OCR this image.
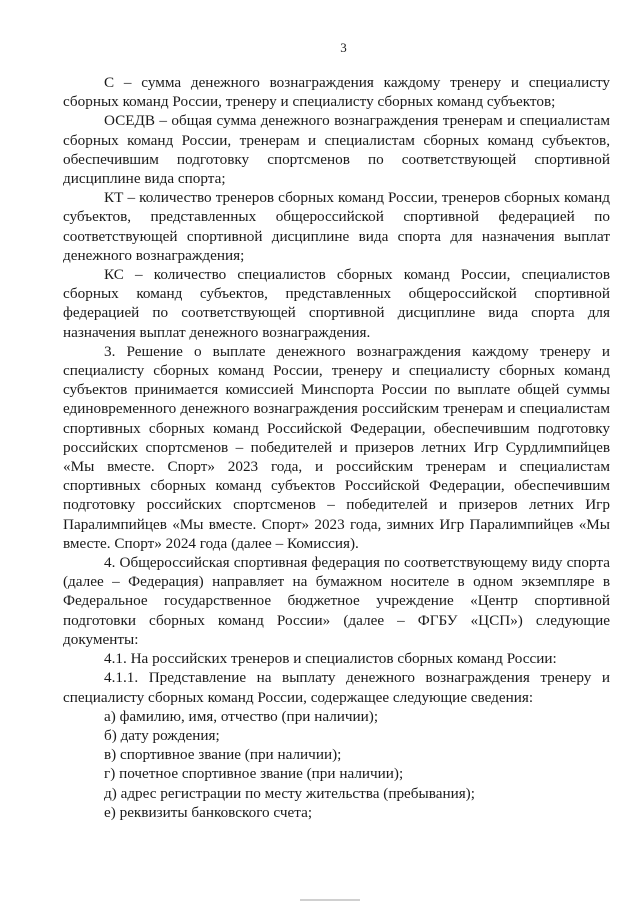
3

С – сумма денежного вознаграждения каждому тренеру и специалисту сборных команд России, тренеру и специалисту сборных команд субъектов;

ОСЕДВ – общая сумма денежного вознаграждения тренерам и специалистам сборных команд России, тренерам и специалистам сборных команд субъектов, обеспечившим подготовку спортсменов по соответствующей спортивной дисциплине вида спорта;

КТ – количество тренеров сборных команд России, тренеров сборных команд субъектов, представленных общероссийской спортивной федерацией по соответствующей спортивной дисциплине вида спорта для назначения выплат денежного вознаграждения;

КС – количество специалистов сборных команд России, специалистов сборных команд субъектов, представленных общероссийской спортивной федерацией по соответствующей спортивной дисциплине вида спорта для назначения выплат денежного вознаграждения.

3. Решение о выплате денежного вознаграждения каждому тренеру и специалисту сборных команд России, тренеру и специалисту сборных команд субъектов принимается комиссией Минспорта России по выплате общей суммы единовременного денежного вознаграждения российским тренерам и специалистам спортивных сборных команд Российской Федерации, обеспечившим подготовку российских спортсменов – победителей и призеров летних Игр Сурдлимпийцев «Мы вместе. Спорт» 2023 года, и российским тренерам и специалистам спортивных сборных команд субъектов Российской Федерации, обеспечившим подготовку российских спортсменов – победителей и призеров летних Игр Паралимпийцев «Мы вместе. Спорт» 2023 года, зимних Игр Паралимпийцев «Мы вместе. Спорт» 2024 года (далее – Комиссия).

4. Общероссийская спортивная федерация по соответствующему виду спорта (далее – Федерация) направляет на бумажном носителе в одном экземпляре в Федеральное государственное бюджетное учреждение «Центр спортивной подготовки сборных команд России» (далее – ФГБУ «ЦСП») следующие документы:

4.1. На российских тренеров и специалистов сборных команд России:

4.1.1. Представление на выплату денежного вознаграждения тренеру и специалисту сборных команд России, содержащее следующие сведения:

а) фамилию, имя, отчество (при наличии);

б) дату рождения;

в) спортивное звание (при наличии);

г) почетное спортивное звание (при наличии);

д) адрес регистрации по месту жительства (пребывания);

е) реквизиты банковского счета;
